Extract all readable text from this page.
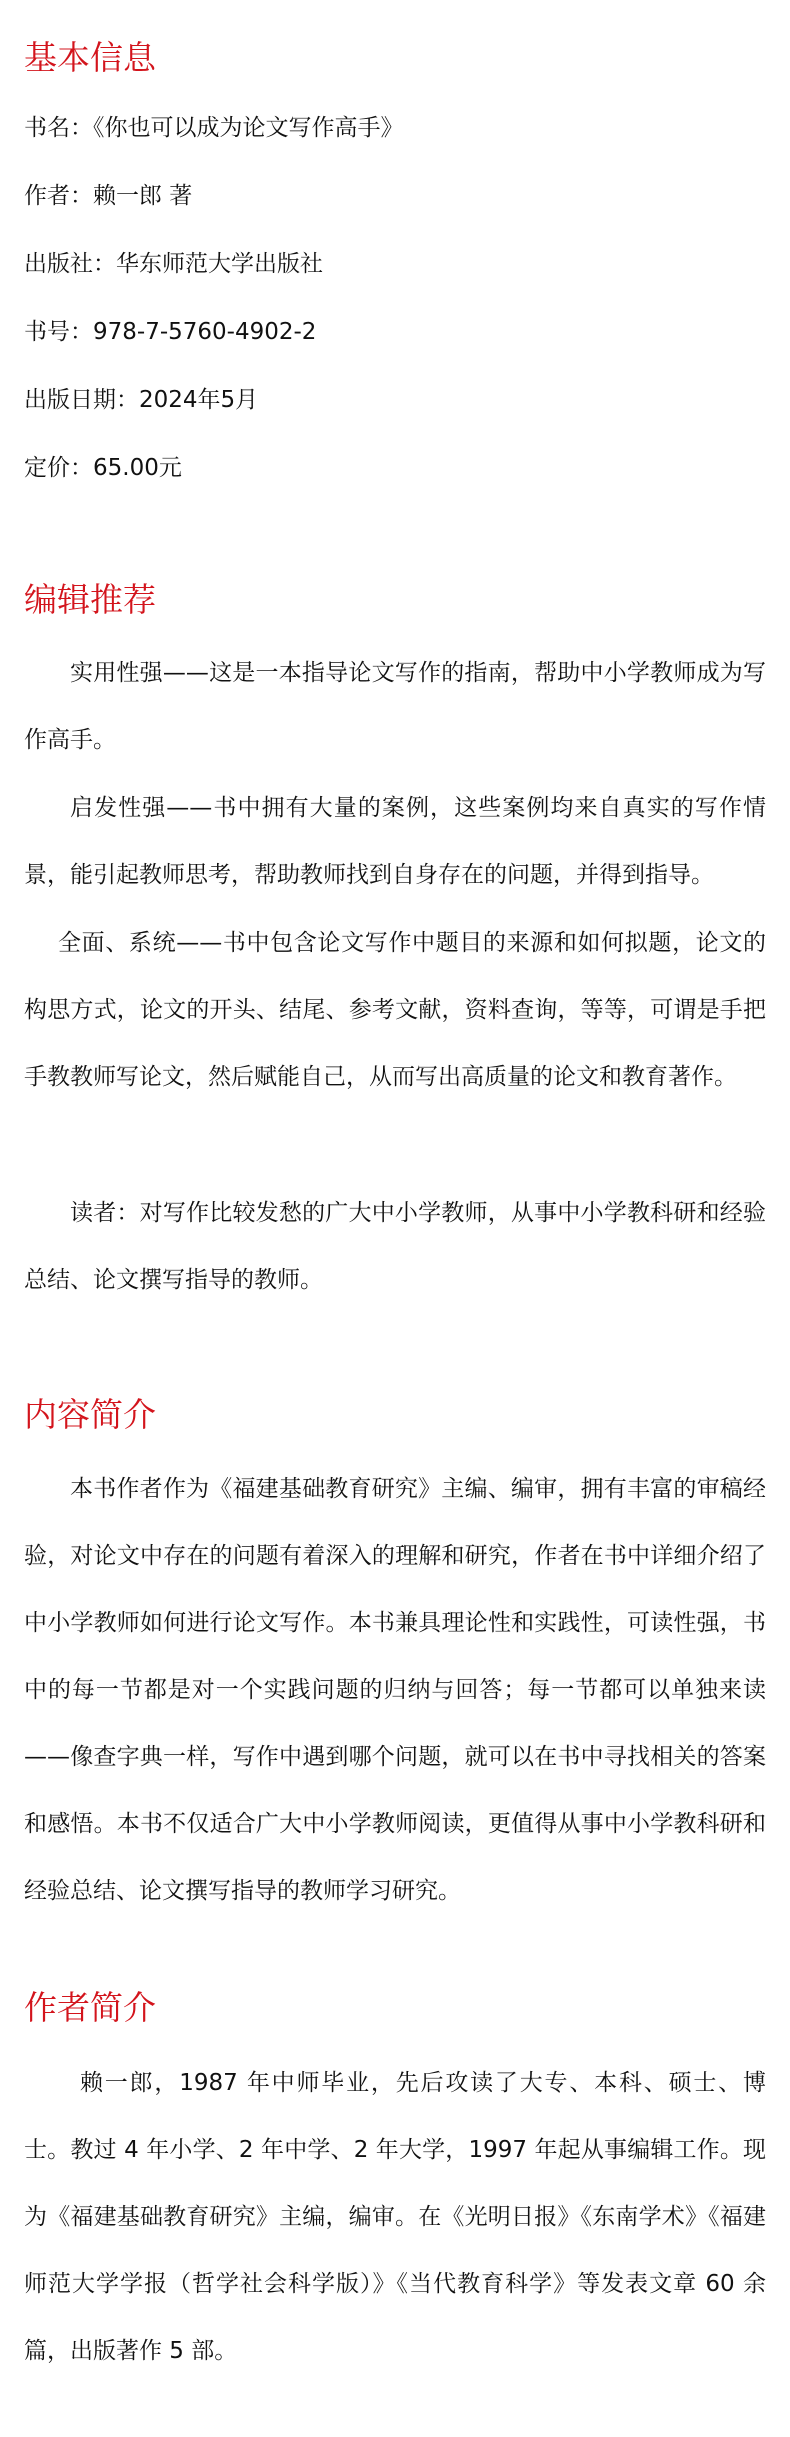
基本信息

书名：《你也可以成为论文写作高手》

作者：赖一郎 著

出版社：华东师范大学出版社

书号：978-7-5760-4902-2

出版日期：2024年5月

定价：65.00元

编辑推荐

实用性强——这是一本指导论文写作的指南，帮助中小学教师成为写作高手。

启发性强——书中拥有大量的案例，这些案例均来自真实的写作情景，能引起教师思考，帮助教师找到自身存在的问题，并得到指导。

全面、系统——书中包含论文写作中题目的来源和如何拟题，论文的构思方式，论文的开头、结尾、参考文献，资料查询，等等，可谓是手把手教教师写论文，然后赋能自己，从而写出高质量的论文和教育著作。

读者：对写作比较发愁的广大中小学教师，从事中小学教科研和经验总结、论文撰写指导的教师。

内容简介

本书作者作为《福建基础教育研究》主编、编审，拥有丰富的审稿经验，对论文中存在的问题有着深入的理解和研究，作者在书中详细介绍了中小学教师如何进行论文写作。本书兼具理论性和实践性，可读性强，书中的每一节都是对一个实践问题的归纳与回答；每一节都可以单独来读——像查字典一样，写作中遇到哪个问题，就可以在书中寻找相关的答案和感悟。本书不仅适合广大中小学教师阅读，更值得从事中小学教科研和经验总结、论文撰写指导的教师学习研究。

作者简介

赖一郎，1987 年中师毕业，先后攻读了大专、本科、硕士、博士。教过 4 年小学、2 年中学、2 年大学，1997 年起从事编辑工作。现为《福建基础教育研究》主编，编审。在《光明日报》《东南学术》《福建师范大学学报（哲学社会科学版）》《当代教育科学》等发表文章 60 余篇，出版著作 5 部。
